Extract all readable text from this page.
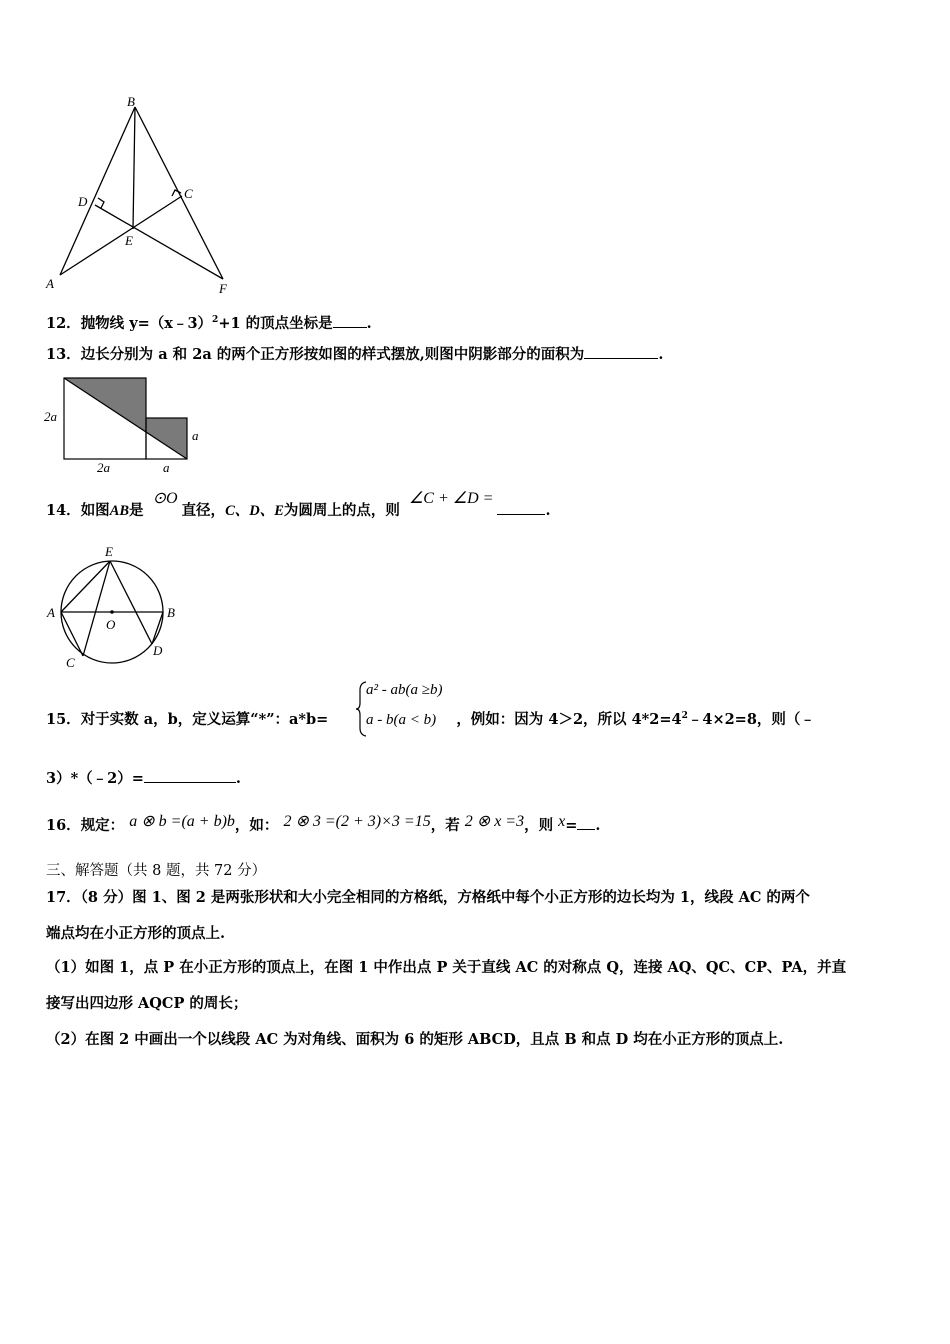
B
C
D
E
A	F
12．抛物线 y=（x﹣3）$^2$+1 的顶点坐标是 .
13．边长分别为 a 和 2a 的两个正方形按如图的样式摆放,则图中阴影部分的面积为	.
2a
2a
a
a
14．如图AB是 ⊙O直径，C、D、E为圆周上的点，则 ∠C + ∠D =.
E
A	B
O
C
D
15．对于实数 a，b，定义运算“*”：a*b=	，例如：因为 4＞2，所以 $4*2=4^2﹣4\times 2=8$，则（﹣
a² - ab(a ≥b)
a - b(a < b)
3）*（﹣2）=	.
16．规定： a ⊗ b =(a + b)b，如： 2 ⊗ 3 =(2 + 3)×3 =15，若 2 ⊗ x =3，则 x= .
三、解答题（共 8 题，共 72 分）
17．（8 分）图 1、图 2 是两张形状和大小完全相同的方格纸，方格纸中每个小正方形的边长均为 1，线段 AC 的两个
端点均在小正方形的顶点上.
（1）如图 1，点 P 在小正方形的顶点上，在图 1 中作出点 P 关于直线 AC 的对称点 Q，连接 AQ、QC、CP、PA，并直
接写出四边形 AQCP 的周长；
（2）在图 2 中画出一个以线段 AC 为对角线、面积为 6 的矩形 ABCD，且点 B 和点 D 均在小正方形的顶点上.
